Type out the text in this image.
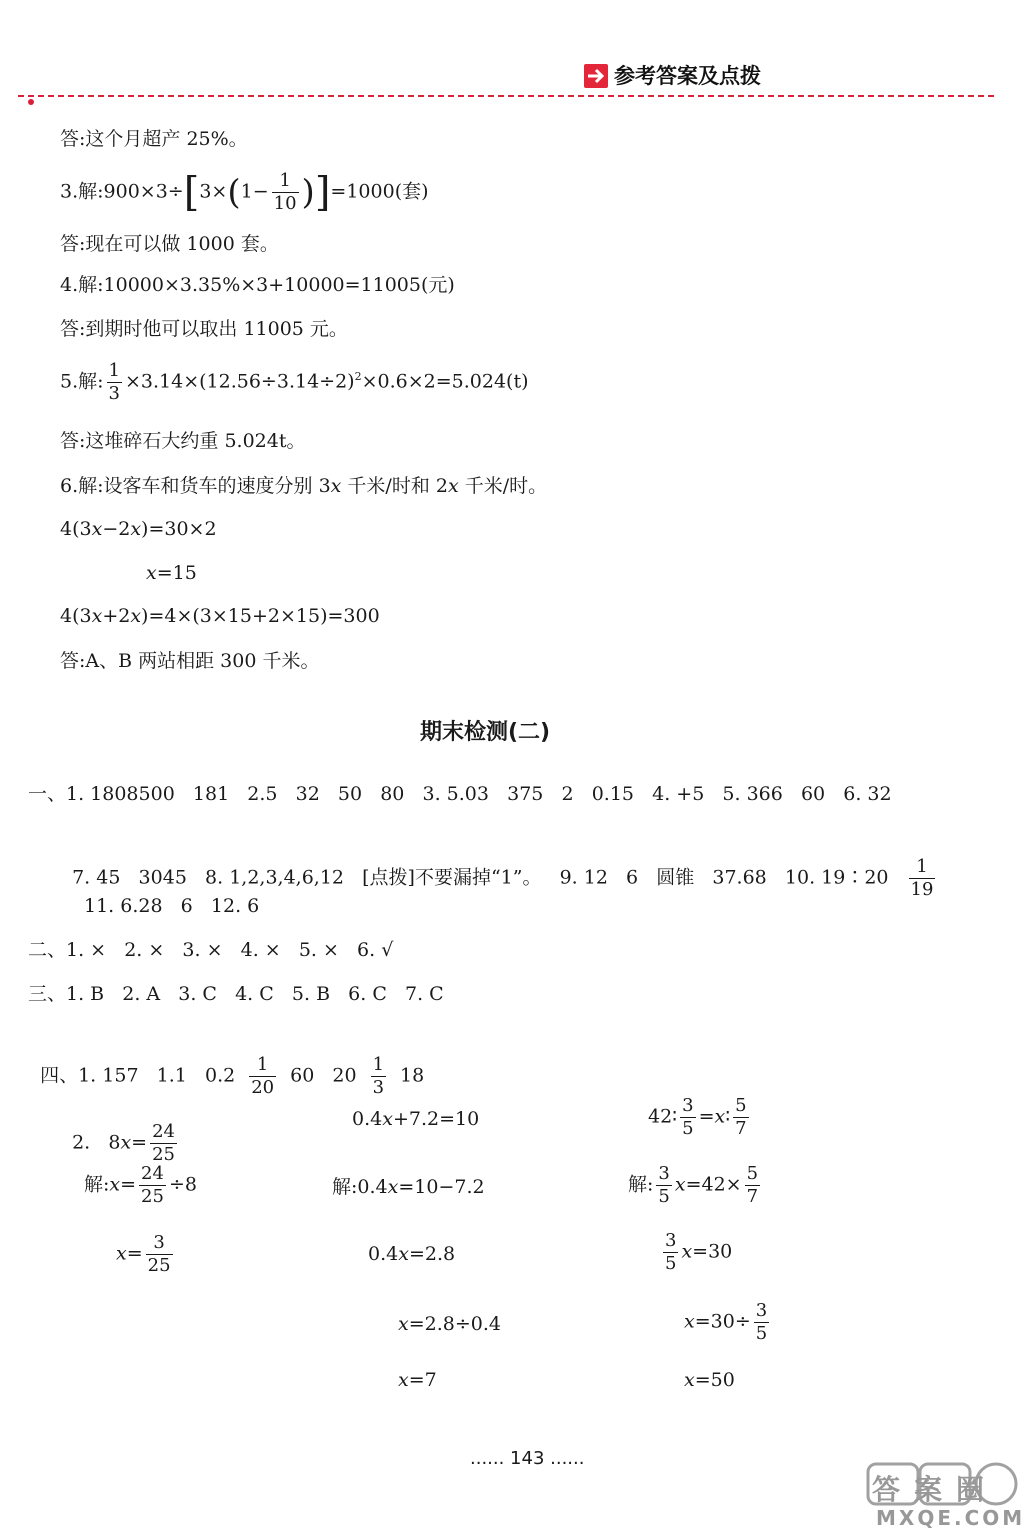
参考答案及点拨
答:这个月超产 25%。
3.解:900×3÷[3×(1− $\frac{1}{10} )]=1000$(套)
答:现在可以做 1000 套。
4.解:10000×3.35%×3+10000=11005(元)
答:到期时他可以取出 11005 元。
5.解: $\frac{1}{3} \times 3.14\times(12.56\div 3.14\div 2)^2\times 0.6\times 2=5.024(t)$
答:这堆碎石大约重 5.024t。
6.解:设客车和货车的速度分别 3x 千米/时和 2x 千米/时。
4(3x−2x)=30×2
x=15
4(3x+2x)=4×(3×15+2×15)=300
答:A、B 两站相距 300 千米。
期末检测(二)
一、1. 1808500   181   2.5   32   50   80   3. 5.03   375   2   0.15   4. +5   5. 366   60   6. 32

7. 45   3045   8. 1,2,3,4,6,12   [点拨]不要漏掉“1”。   9. 12   6   圆锥   37.68   10. 19∶20 $\frac{1}{19}$

11. 6.28   6   12. 6
二、1. ×   2. ×   3. ×   4. ×   5. ×   6. √
三、1. B   2. A   3. C   4. C   5. B   6. C   7. C

四、1. 157   1.1   $0.2 \frac{1}{20} 60$   $20 \frac{1}{3} 18$

2.   $8x= \frac{24}{25}$

解:x= $\frac{24}{25} \div 8$
$x= \frac{3}{25}$
0.4x+7.2=10
解:0.4x=10−7.2
0.4x=2.8
x=2.8÷0.4
x=7
42∶ $\frac{3}{5}$ =x∶ $\frac{5}{7}$
解: $\frac{3}{5} x=42\times \frac{5}{7}$
$\frac{3}{5} x=30$
$x=30\div \frac{3}{5}$
x=50
...... 143 ......
答案圈
MXQE.COM
